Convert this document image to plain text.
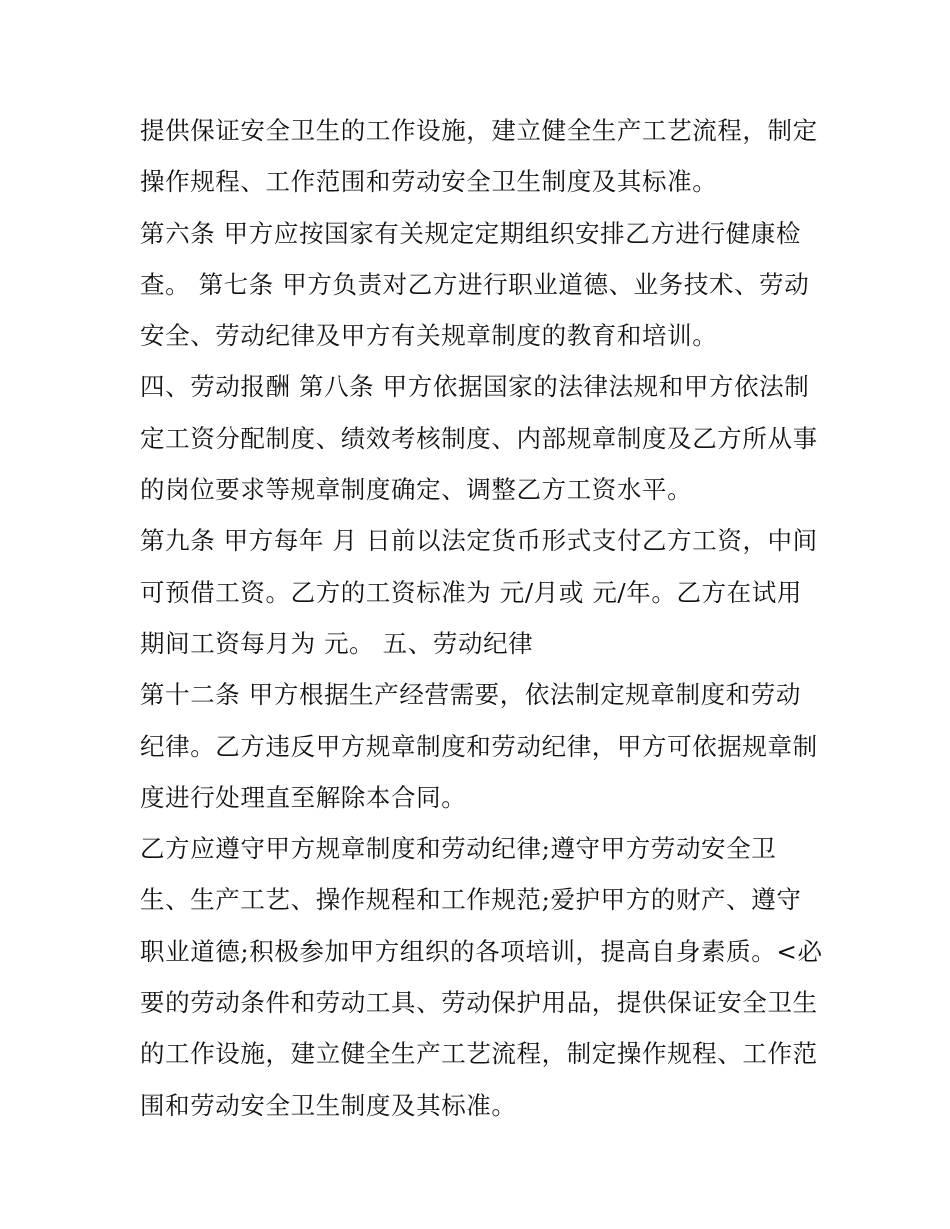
提供保证安全卫生的工作设施，建立健全生产工艺流程，制定
操作规程、工作范围和劳动安全卫生制度及其标准。
第六条 甲方应按国家有关规定定期组织安排乙方进行健康检
查。 第七条 甲方负责对乙方进行职业道德、业务技术、劳动
安全、劳动纪律及甲方有关规章制度的教育和培训。
四、劳动报酬 第八条 甲方依据国家的法律法规和甲方依法制
定工资分配制度、绩效考核制度、内部规章制度及乙方所从事
的岗位要求等规章制度确定、调整乙方工资水平。
第九条 甲方每年 月 日前以法定货币形式支付乙方工资，中间
可预借工资。乙方的工资标准为 元/月或 元/年。乙方在试用
期间工资每月为 元。 五、劳动纪律
第十二条 甲方根据生产经营需要，依法制定规章制度和劳动
纪律。乙方违反甲方规章制度和劳动纪律，甲方可依据规章制
度进行处理直至解除本合同。
乙方应遵守甲方规章制度和劳动纪律;遵守甲方劳动安全卫
生、生产工艺、操作规程和工作规范;爱护甲方的财产、遵守
职业道德;积极参加甲方组织的各项培训，提高自身素质。<必
要的劳动条件和劳动工具、劳动保护用品，提供保证安全卫生
的工作设施，建立健全生产工艺流程，制定操作规程、工作范
围和劳动安全卫生制度及其标准。
